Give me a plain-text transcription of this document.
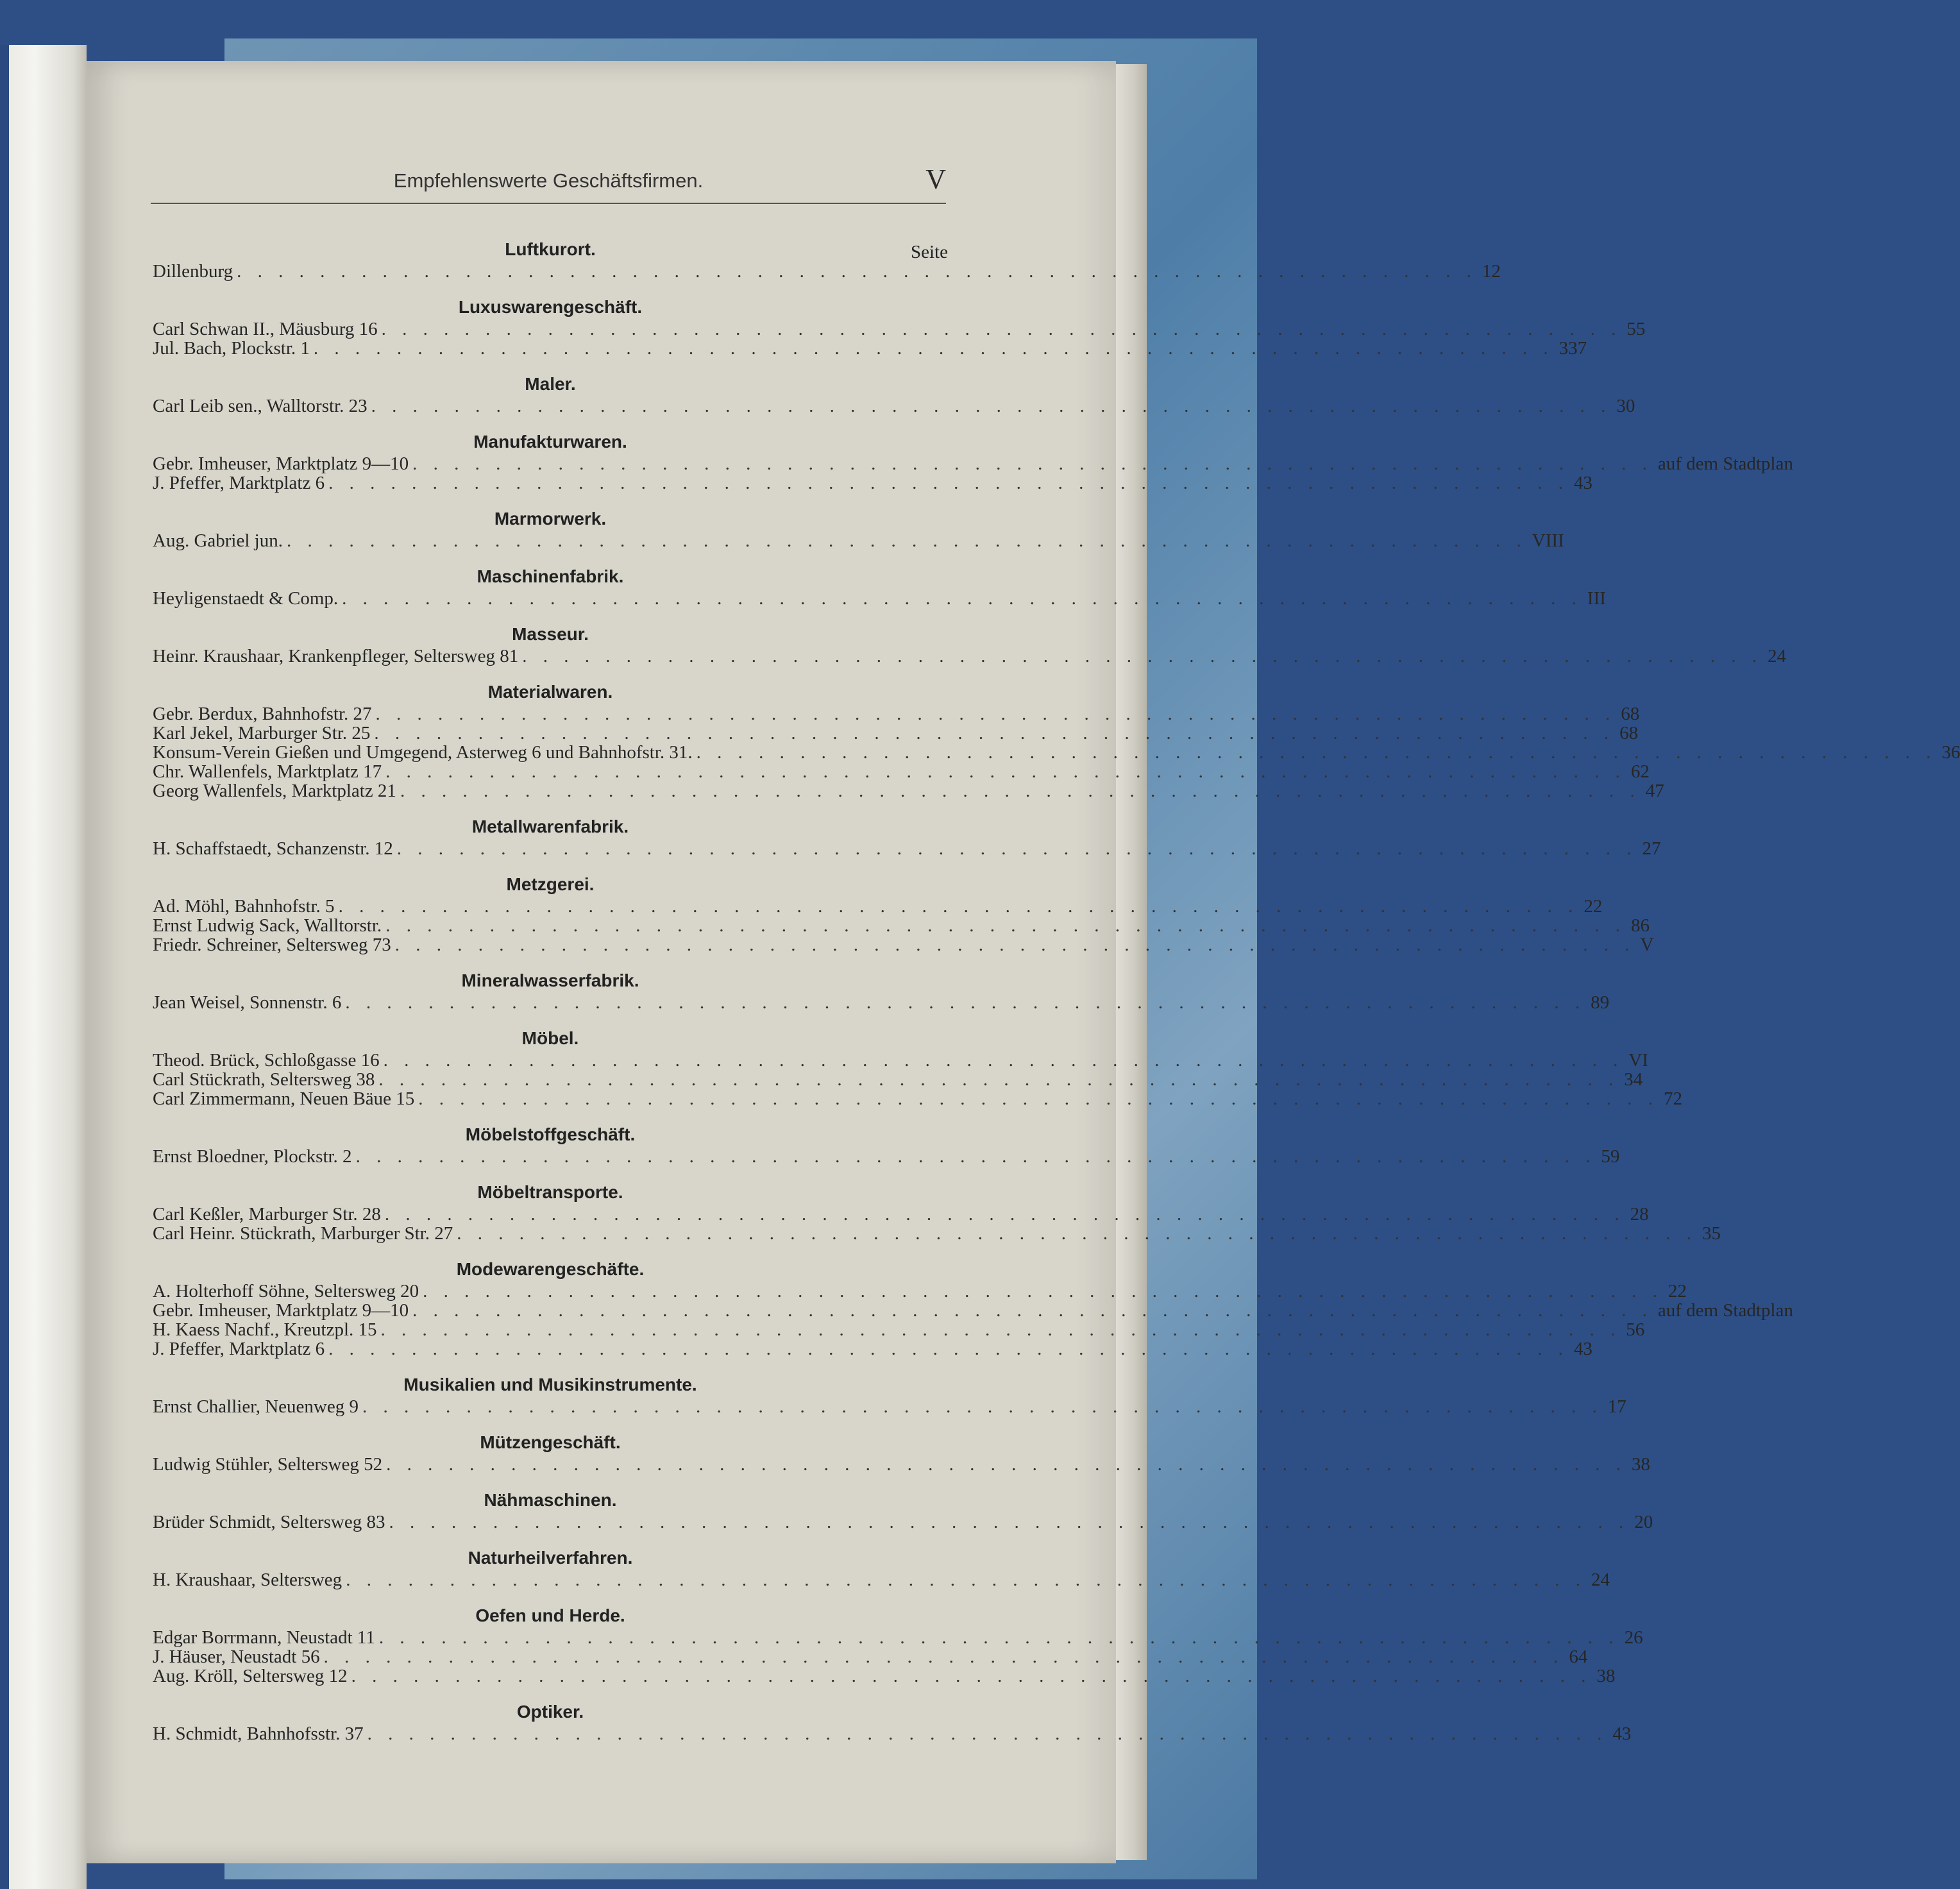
Empfehlenswerte Geschäftsfirmen.	V
Luftkurort.	Seite
Dillenburg . . . . . . . . . . . . . . . . . . . . . . . . . . . . . . . . . . . . . . . . . . . . . . . . . . . . . . . . . . . . 12
Luxuswarengeschäft.
Carl Schwan II., Mäusburg 16 . . . . . . . . . . . . . . . . . . . . . . . . . . . . . . . . . . . . . . . . . . . . . . . . . . . . . . . . . . . . 55
Jul. Bach, Plockstr. 1 . . . . . . . . . . . . . . . . . . . . . . . . . . . . . . . . . . . . . . . . . . . . . . . . . . . . . . . . . . . . 337
Maler.
Carl Leib sen., Walltorstr. 23 . . . . . . . . . . . . . . . . . . . . . . . . . . . . . . . . . . . . . . . . . . . . . . . . . . . . . . . . . . . . 30
Manufakturwaren.
Gebr. Imheuser, Marktplatz 9—10 . . . . . . . . . . . . . . . . . . . . . . . . . . . . . . . . . . . . . . . . . . . . . . . . . . . . . . . . . . . . auf dem Stadtplan
J. Pfeffer, Marktplatz 6 . . . . . . . . . . . . . . . . . . . . . . . . . . . . . . . . . . . . . . . . . . . . . . . . . . . . . . . . . . . . 43
Marmorwerk.
Aug. Gabriel jun. . . . . . . . . . . . . . . . . . . . . . . . . . . . . . . . . . . . . . . . . . . . . . . . . . . . . . . . . . . . . VIII
Maschinenfabrik.
Heyligenstaedt & Comp. . . . . . . . . . . . . . . . . . . . . . . . . . . . . . . . . . . . . . . . . . . . . . . . . . . . . . . . . . . . . III
Masseur.
Heinr. Kraushaar, Krankenpfleger, Seltersweg 81 . . . . . . . . . . . . . . . . . . . . . . . . . . . . . . . . . . . . . . . . . . . . . . . . . . . . . . . . . . . . 24
Materialwaren.
Gebr. Berdux, Bahnhofstr. 27 . . . . . . . . . . . . . . . . . . . . . . . . . . . . . . . . . . . . . . . . . . . . . . . . . . . . . . . . . . . . 68
Karl Jekel, Marburger Str. 25 . . . . . . . . . . . . . . . . . . . . . . . . . . . . . . . . . . . . . . . . . . . . . . . . . . . . . . . . . . . . 68
Konsum-Verein Gießen und Umgegend, Asterweg 6 und Bahnhofstr. 31. . . . . . . . . . . . . . . . . . . . . . . . . . . . . . . . . . . . . . . . . . . . . . . . . . . . . . . . . . . . . 36
Chr. Wallenfels, Marktplatz 17 . . . . . . . . . . . . . . . . . . . . . . . . . . . . . . . . . . . . . . . . . . . . . . . . . . . . . . . . . . . . 62
Georg Wallenfels, Marktplatz 21 . . . . . . . . . . . . . . . . . . . . . . . . . . . . . . . . . . . . . . . . . . . . . . . . . . . . . . . . . . . . 47
Metallwarenfabrik.
H. Schaffstaedt, Schanzenstr. 12 . . . . . . . . . . . . . . . . . . . . . . . . . . . . . . . . . . . . . . . . . . . . . . . . . . . . . . . . . . . . 27
Metzgerei.
Ad. Möhl, Bahnhofstr. 5 . . . . . . . . . . . . . . . . . . . . . . . . . . . . . . . . . . . . . . . . . . . . . . . . . . . . . . . . . . . . 22
Ernst Ludwig Sack, Walltorstr. . . . . . . . . . . . . . . . . . . . . . . . . . . . . . . . . . . . . . . . . . . . . . . . . . . . . . . . . . . . . 86
Friedr. Schreiner, Seltersweg 73 . . . . . . . . . . . . . . . . . . . . . . . . . . . . . . . . . . . . . . . . . . . . . . . . . . . . . . . . . . . . V
Mineralwasserfabrik.
Jean Weisel, Sonnenstr. 6 . . . . . . . . . . . . . . . . . . . . . . . . . . . . . . . . . . . . . . . . . . . . . . . . . . . . . . . . . . . . 89
Möbel.
Theod. Brück, Schloßgasse 16 . . . . . . . . . . . . . . . . . . . . . . . . . . . . . . . . . . . . . . . . . . . . . . . . . . . . . . . . . . . . VI
Carl Stückrath, Seltersweg 38 . . . . . . . . . . . . . . . . . . . . . . . . . . . . . . . . . . . . . . . . . . . . . . . . . . . . . . . . . . . . 34
Carl Zimmermann, Neuen Bäue 15 . . . . . . . . . . . . . . . . . . . . . . . . . . . . . . . . . . . . . . . . . . . . . . . . . . . . . . . . . . . . 72
Möbelstoffgeschäft.
Ernst Bloedner, Plockstr. 2 . . . . . . . . . . . . . . . . . . . . . . . . . . . . . . . . . . . . . . . . . . . . . . . . . . . . . . . . . . . . 59
Möbeltransporte.
Carl Keßler, Marburger Str. 28 . . . . . . . . . . . . . . . . . . . . . . . . . . . . . . . . . . . . . . . . . . . . . . . . . . . . . . . . . . . . 28
Carl Heinr. Stückrath, Marburger Str. 27 . . . . . . . . . . . . . . . . . . . . . . . . . . . . . . . . . . . . . . . . . . . . . . . . . . . . . . . . . . . . 35
Modewarengeschäfte.
A. Holterhoff Söhne, Seltersweg 20 . . . . . . . . . . . . . . . . . . . . . . . . . . . . . . . . . . . . . . . . . . . . . . . . . . . . . . . . . . . . 22
Gebr. Imheuser, Marktplatz 9—10 . . . . . . . . . . . . . . . . . . . . . . . . . . . . . . . . . . . . . . . . . . . . . . . . . . . . . . . . . . . . auf dem Stadtplan
H. Kaess Nachf., Kreutzpl. 15 . . . . . . . . . . . . . . . . . . . . . . . . . . . . . . . . . . . . . . . . . . . . . . . . . . . . . . . . . . . . 56
J. Pfeffer, Marktplatz 6 . . . . . . . . . . . . . . . . . . . . . . . . . . . . . . . . . . . . . . . . . . . . . . . . . . . . . . . . . . . . 43
Musikalien und Musikinstrumente.
Ernst Challier, Neuenweg 9 . . . . . . . . . . . . . . . . . . . . . . . . . . . . . . . . . . . . . . . . . . . . . . . . . . . . . . . . . . . . 17
Mützengeschäft.
Ludwig Stühler, Seltersweg 52 . . . . . . . . . . . . . . . . . . . . . . . . . . . . . . . . . . . . . . . . . . . . . . . . . . . . . . . . . . . . 38
Nähmaschinen.
Brüder Schmidt, Seltersweg 83 . . . . . . . . . . . . . . . . . . . . . . . . . . . . . . . . . . . . . . . . . . . . . . . . . . . . . . . . . . . . 20
Naturheilverfahren.
H. Kraushaar, Seltersweg . . . . . . . . . . . . . . . . . . . . . . . . . . . . . . . . . . . . . . . . . . . . . . . . . . . . . . . . . . . . 24
Oefen und Herde.
Edgar Borrmann, Neustadt 11 . . . . . . . . . . . . . . . . . . . . . . . . . . . . . . . . . . . . . . . . . . . . . . . . . . . . . . . . . . . . 26
J. Häuser, Neustadt 56 . . . . . . . . . . . . . . . . . . . . . . . . . . . . . . . . . . . . . . . . . . . . . . . . . . . . . . . . . . . . 64
Aug. Kröll, Seltersweg 12 . . . . . . . . . . . . . . . . . . . . . . . . . . . . . . . . . . . . . . . . . . . . . . . . . . . . . . . . . . . . 38
Optiker.
H. Schmidt, Bahnhofsstr. 37 . . . . . . . . . . . . . . . . . . . . . . . . . . . . . . . . . . . . . . . . . . . . . . . . . . . . . . . . . . . . 43
